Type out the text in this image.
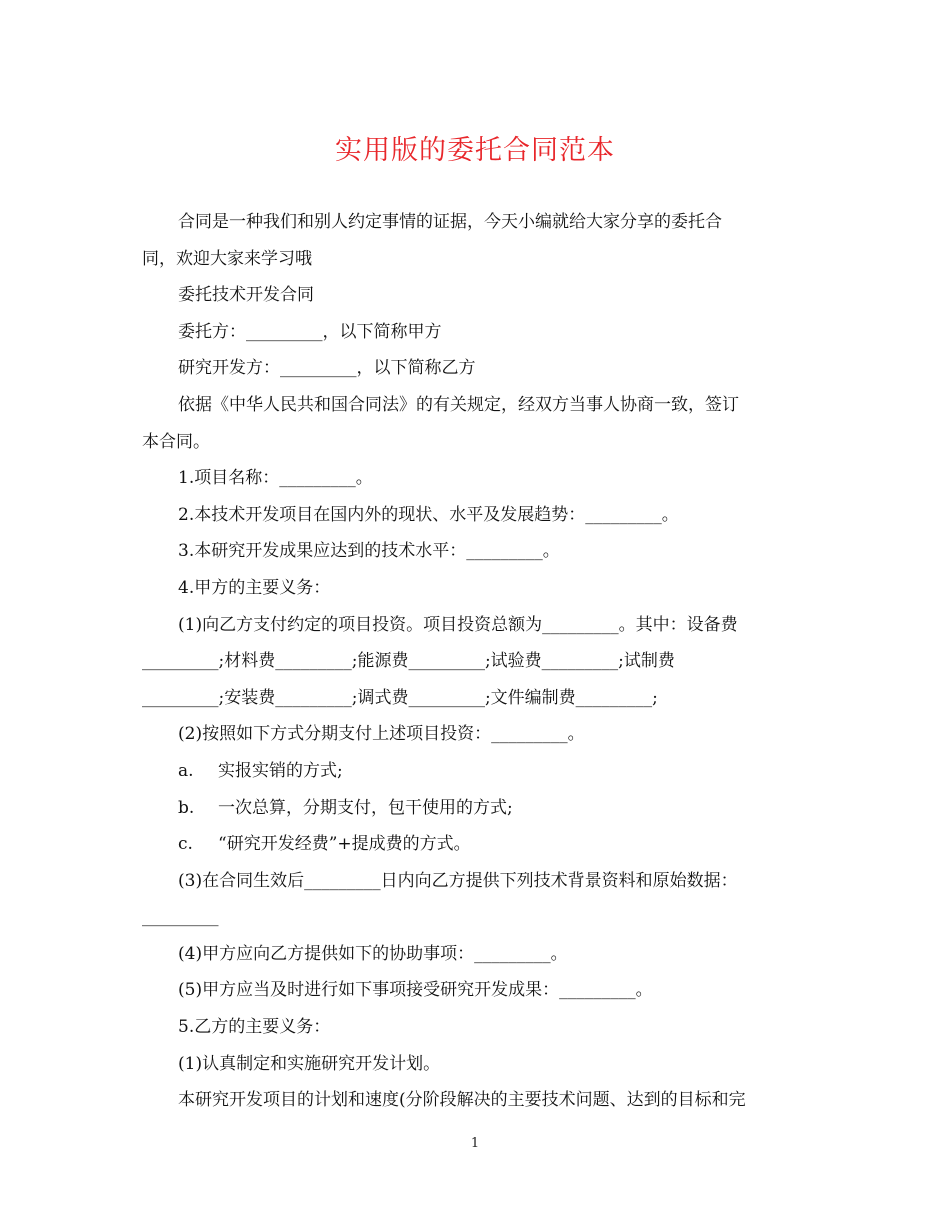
实用版的委托合同范本

合同是一种我们和别人约定事情的证据，今天小编就给大家分享的委托合

同，欢迎大家来学习哦

委托技术开发合同

委托方：_________，以下简称甲方

研究开发方：_________，以下简称乙方

依据《中华人民共和国合同法》的有关规定，经双方当事人协商一致，签订

本合同。

1.项目名称：_________。

2.本技术开发项目在国内外的现状、水平及发展趋势：_________。

3.本研究开发成果应达到的技术水平：_________。

4.甲方的主要义务：

(1)向乙方支付约定的项目投资。项目投资总额为_________。其中：设备费

_________;材料费_________;能源费_________;试验费_________;试制费

_________;安装费_________;调式费_________;文件编制费_________;

(2)按照如下方式分期支付上述项目投资：_________。

a. 实报实销的方式;
b. 一次总算，分期支付，包干使用的方式;
c. “研究开发经费”+提成费的方式。

(3)在合同生效后_________日内向乙方提供下列技术背景资料和原始数据：

_________

(4)甲方应向乙方提供如下的协助事项：_________。

(5)甲方应当及时进行如下事项接受研究开发成果：_________。

5.乙方的主要义务：

(1)认真制定和实施研究开发计划。

本研究开发项目的计划和速度(分阶段解决的主要技术问题、达到的目标和完

1
